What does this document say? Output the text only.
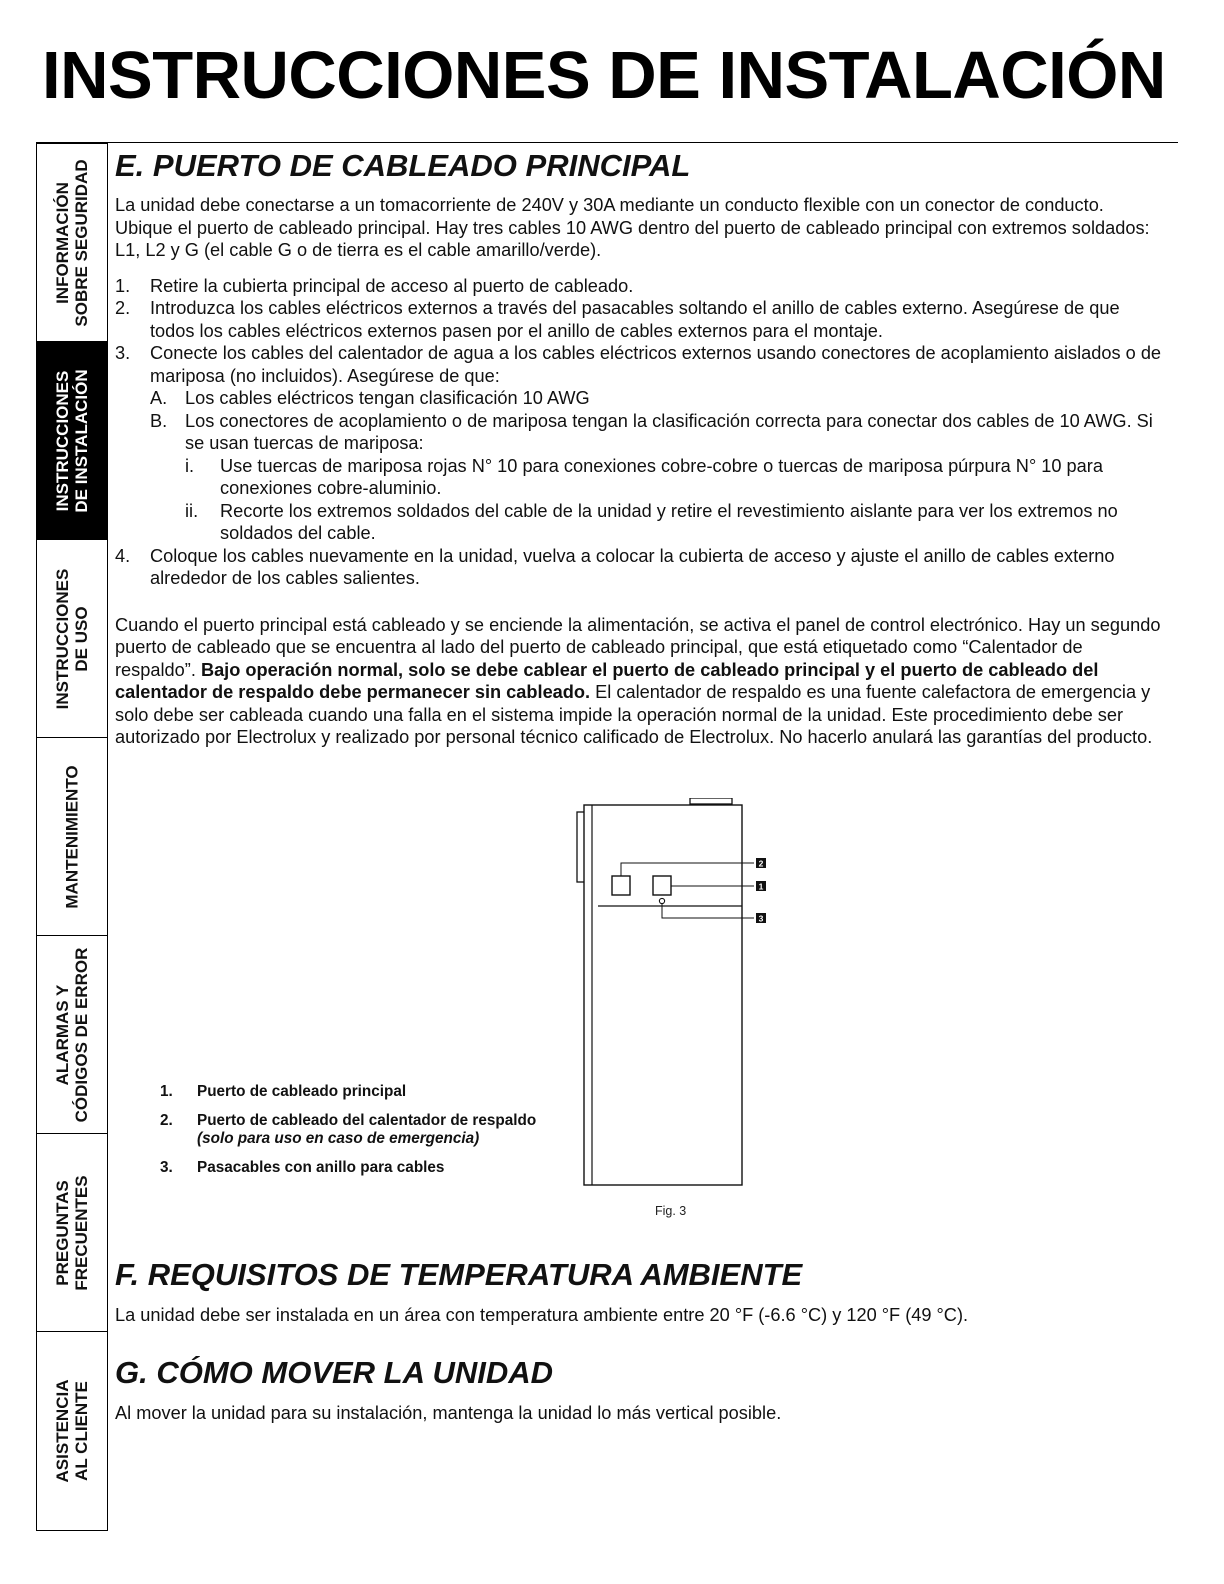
INSTRUCCIONES DE INSTALACIÓN
INFORMACIÓN
SOBRE SEGURIDAD
INSTRUCCIONES
DE INSTALACIÓN
INSTRUCCIONES
DE USO
MANTENIMIENTO
ALARMAS Y
CÓDIGOS DE ERROR
PREGUNTAS
FRECUENTES
ASISTENCIA
AL CLIENTE
E. PUERTO DE CABLEADO PRINCIPAL

La unidad debe conectarse a un tomacorriente de 240V y 30A mediante un conducto flexible con un conector de conducto. Ubique el puerto de cableado principal. Hay tres cables 10 AWG dentro del puerto de cableado principal con extremos soldados: L1, L2 y G (el cable G o de tierra es el cable amarillo/verde).

1.	Retire la cubierta principal de acceso al puerto de cableado.
2.	Introduzca los cables eléctricos externos a través del pasacables soltando el anillo de cables externo. Asegúrese de que todos los cables eléctricos externos pasen por el anillo de cables externos para el montaje.
3.	Conecte los cables del calentador de agua a los cables eléctricos externos usando conectores de acoplamiento aislados o de mariposa (no incluidos). Asegúrese de que:
A. Los cables eléctricos tengan clasificación 10 AWG
B. Los conectores de acoplamiento o de mariposa tengan la clasificación correcta para conectar dos cables de 10 AWG. Si se usan tuercas de mariposa:
i.	Use tuercas de mariposa rojas N° 10 para conexiones cobre-cobre o tuercas de mariposa púrpura N° 10 para conexiones cobre-aluminio.
ii.	Recorte los extremos soldados del cable de la unidad y retire el revestimiento aislante para ver los extremos no soldados del cable.
4.	Coloque los cables nuevamente en la unidad, vuelva a colocar la cubierta de acceso y ajuste el anillo de cables externo alrededor de los cables salientes.

Cuando el puerto principal está cableado y se enciende la alimentación, se activa el panel de control electrónico. Hay un segundo puerto de cableado que se encuentra al lado del puerto de cableado principal, que está etiquetado como “Calentador de respaldo”. Bajo operación normal, solo se debe cablear el puerto de cableado principal y el puerto de cableado del calentador de respaldo debe permanecer sin cableado. El calentador de respaldo es una fuente calefactora de emergencia y solo debe ser cableada cuando una falla en el sistema impide la operación normal de la unidad. Este procedimiento debe ser autorizado por Electrolux y realizado por personal técnico calificado de Electrolux. No hacerlo anulará las garantías del producto.

2
1
3
1.	Puerto de cableado principal
2.	Puerto de cableado del calentador de respaldo
(solo para uso en caso de emergencia)
3.	Pasacables con anillo para cables
Fig. 3
F. REQUISITOS DE TEMPERATURA AMBIENTE

La unidad debe ser instalada en un área con temperatura ambiente entre 20 °F (-6.6 °C) y 120 °F (49 °C).

G. CÓMO MOVER LA UNIDAD

Al mover la unidad para su instalación, mantenga la unidad lo más vertical posible.
